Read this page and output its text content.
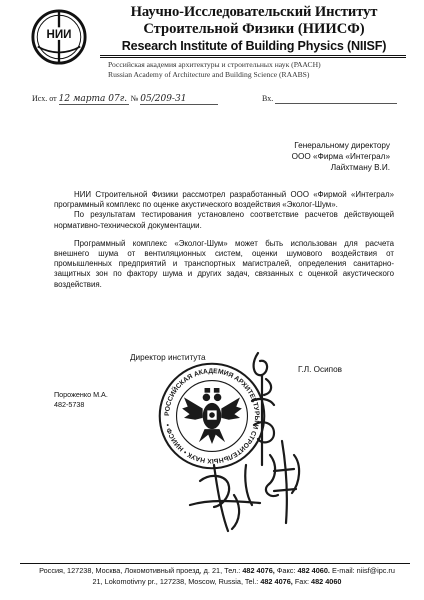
НИИ
Научно-Исследовательский Институт
Строительной Физики (НИИСФ)
Research Institute of Building Physics (NIISF)
Российская академия архитектуры и строительных наук (РААСН)
Russian Academy of Architecture and Building Science (RAABS)
Исх. от 12 марта 07г. № 05/209-31	Вх.
Генеральному директору
ООО «Фирма «Интеграл»
Лайхтману В.И.

НИИ Строительной Физики рассмотрел разработанный ООО «Фирмой «Интеграл» программный комплекс по оценке акустического воздействия «Эколог-Шум».

По результатам тестирования установлено соответствие расчетов действующей нормативно-технической документации.

Программный комплекс «Эколог-Шум» может быть использован для расчета внешнего шума от вентиляционных систем, оценки шумового воздействия от промышленных предприятий и транспортных магистралей, определения санитарно-защитных зон по фактору шума и других задач, связанных с оценкой акустического воздействия.

РОССИЙСКАЯ АКАДЕМИЯ АРХИТЕКТУРЫ И СТРОИТЕЛЬНЫХ НАУК • НИИСФ •
Директор института
Г.Л. Осипов
Пороженко М.А.
482-5738
Россия, 127238, Москва, Локомотивный проезд, д. 21, Тел.: 482 4076, Факс: 482 4060. E-mail: niisf@ipc.ru
21, Lokomotivny pr., 127238, Moscow, Russia, Tel.: 482 4076, Fax: 482 4060
